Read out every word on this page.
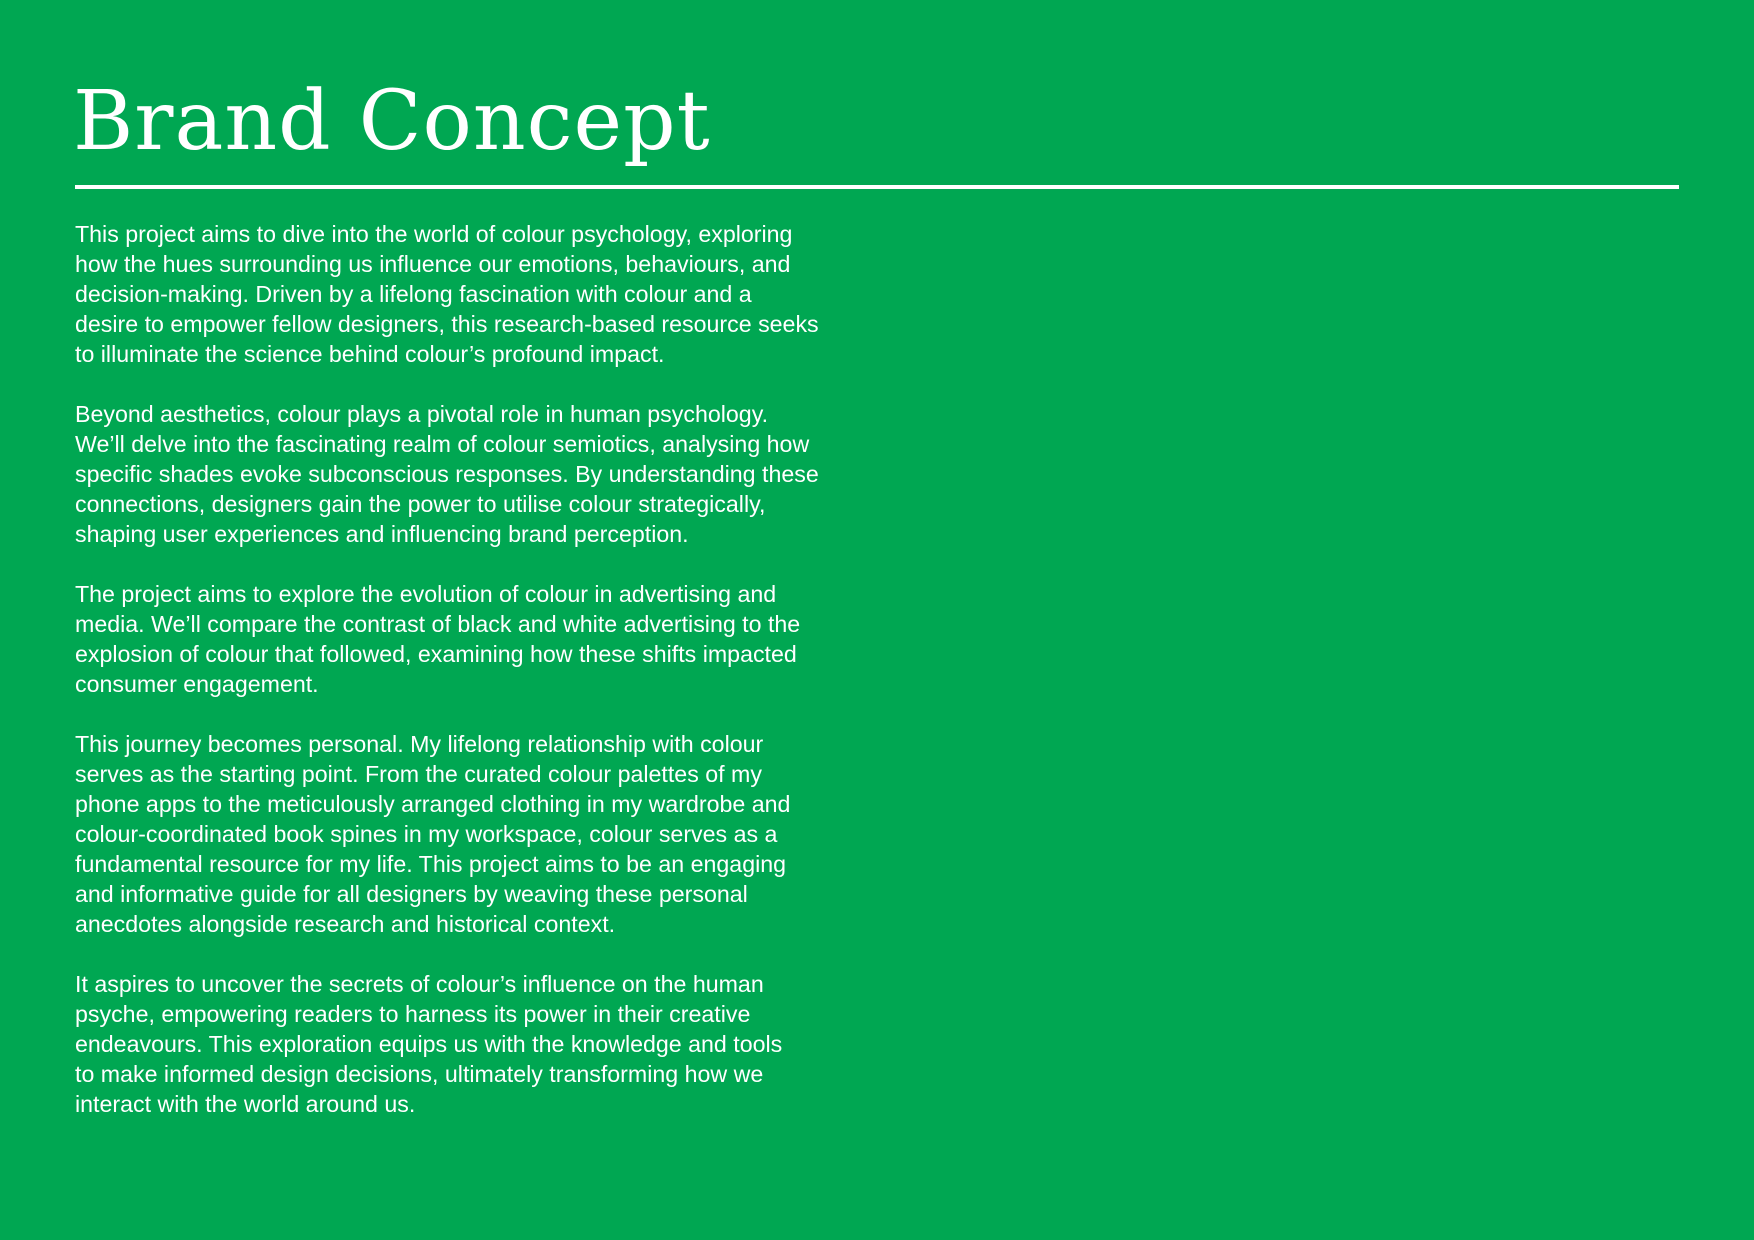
Brand Concept

This project aims to dive into the world of colour psychology, exploring
how the hues surrounding us influence our emotions, behaviours, and
decision-making. Driven by a lifelong fascination with colour and a
desire to empower fellow designers, this research-based resource seeks
to illuminate the science behind colour’s profound impact.

Beyond aesthetics, colour plays a pivotal role in human psychology.
We’ll delve into the fascinating realm of colour semiotics, analysing how
specific shades evoke subconscious responses. By understanding these
connections, designers gain the power to utilise colour strategically,
shaping user experiences and influencing brand perception.

The project aims to explore the evolution of colour in advertising and
media. We’ll compare the contrast of black and white advertising to the
explosion of colour that followed, examining how these shifts impacted
consumer engagement.

This journey becomes personal. My lifelong relationship with colour
serves as the starting point. From the curated colour palettes of my
phone apps to the meticulously arranged clothing in my wardrobe and
colour-coordinated book spines in my workspace, colour serves as a
fundamental resource for my life. This project aims to be an engaging
and informative guide for all designers by weaving these personal
anecdotes alongside research and historical context.

It aspires to uncover the secrets of colour’s influence on the human
psyche, empowering readers to harness its power in their creative
endeavours. This exploration equips us with the knowledge and tools
to make informed design decisions, ultimately transforming how we
interact with the world around us.
